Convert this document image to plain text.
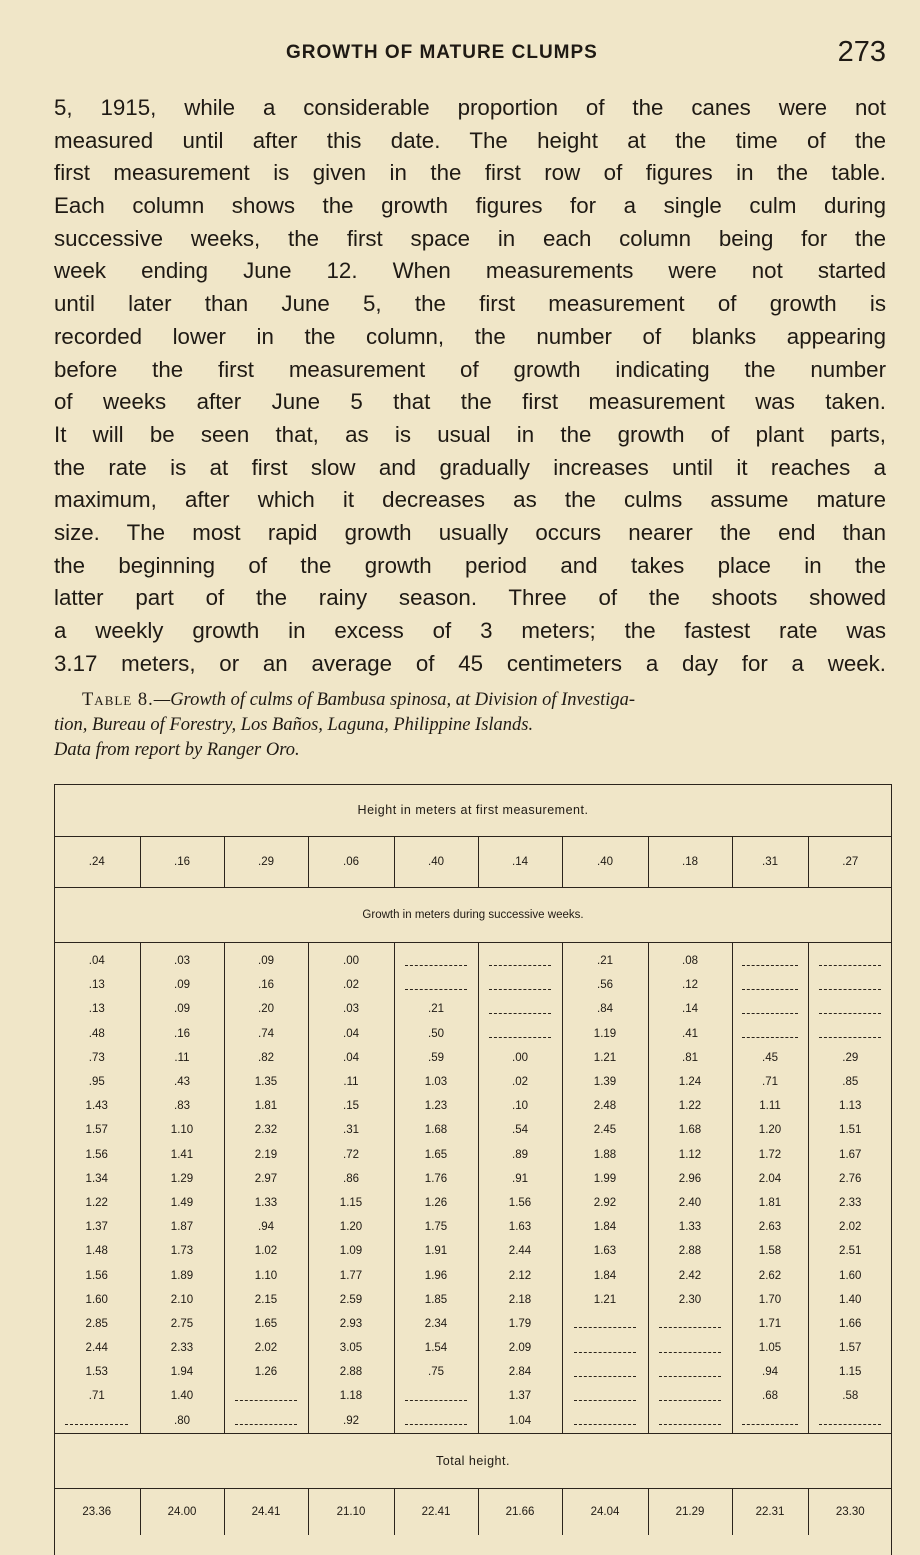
GROWTH OF MATURE CLUMPS	273
5, 1915, while a considerable proportion of the canes were not
measured until after this date. The height at the time of the
first measurement is given in the first row of figures in the table.
Each column shows the growth figures for a single culm during
successive weeks, the first space in each column being for the
week ending June 12. When measurements were not started
until later than June 5, the first measurement of growth is
recorded lower in the column, the number of blanks appearing
before the first measurement of growth indicating the number
of weeks after June 5 that the first measurement was taken.
It will be seen that, as is usual in the growth of plant parts,
the rate is at first slow and gradually increases until it reaches a
maximum, after which it decreases as the culms assume mature
size. The most rapid growth usually occurs nearer the end than
the beginning of the growth period and takes place in the
latter part of the rainy season. Three of the shoots showed
a weekly growth in excess of 3 meters; the fastest rate was
3.17 meters, or an average of 45 centimeters a day for a week.
Table 8.—Growth of culms of Bambusa spinosa, at Division of Investiga-
tion, Bureau of Forestry, Los Baños, Laguna, Philippine Islands.
Data from report by Ranger Oro.
Height in meters at first measurement.									
.24	.16	.29	.06	.40	.14	.40	.18	.31	.27
Growth in meters during successive weeks.									
.04	.03	.09	.00			.21	.08		
.13	.09	.16	.02			.56	.12		
.13	.09	.20	.03	.21		.84	.14		
.48	.16	.74	.04	.50		1.19	.41		
.73	.11	.82	.04	.59	.00	1.21	.81	.45	.29
.95	.43	1.35	.11	1.03	.02	1.39	1.24	.71	.85
1.43	.83	1.81	.15	1.23	.10	2.48	1.22	1.11	1.13
1.57	1.10	2.32	.31	1.68	.54	2.45	1.68	1.20	1.51
1.56	1.41	2.19	.72	1.65	.89	1.88	1.12	1.72	1.67
1.34	1.29	2.97	.86	1.76	.91	1.99	2.96	2.04	2.76
1.22	1.49	1.33	1.15	1.26	1.56	2.92	2.40	1.81	2.33
1.37	1.87	.94	1.20	1.75	1.63	1.84	1.33	2.63	2.02
1.48	1.73	1.02	1.09	1.91	2.44	1.63	2.88	1.58	2.51
1.56	1.89	1.10	1.77	1.96	2.12	1.84	2.42	2.62	1.60
1.60	2.10	2.15	2.59	1.85	2.18	1.21	2.30	1.70	1.40
2.85	2.75	1.65	2.93	2.34	1.79			1.71	1.66
2.44	2.33	2.02	3.05	1.54	2.09			1.05	1.57
1.53	1.94	1.26	2.88	.75	2.84			.94	1.15
.71	1.40		1.18		1.37			.68	.58
	.80		.92		1.04				
Total height.									
23.36	24.00	24.41	21.10	22.41	21.66	24.04	21.29	22.31	23.30
